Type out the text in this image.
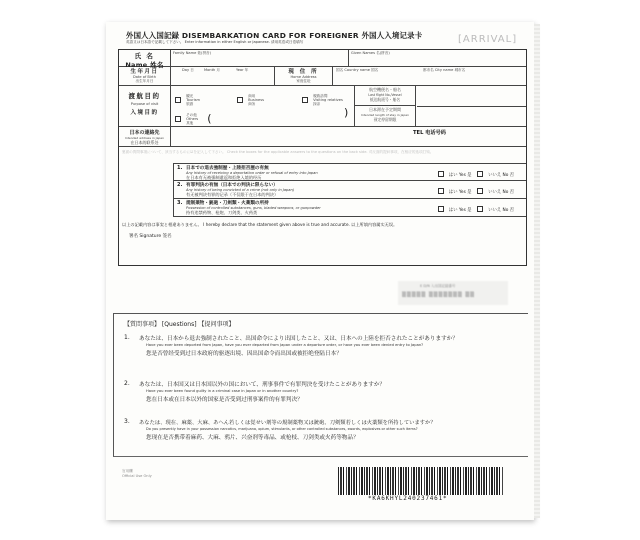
外国人入国記録 DISEMBARKATION CARD FOR FOREIGNER 外国人入境记录卡
英語又は日本語で記載して下さい。 Enter information in either English or Japanese. 请用英语或日语填写	[ARRIVAL]
氏 名
Name 姓名
Family Name 姓(拼音)	Given Names 名(拼音)
生年月日
Date of Birth
出生年月日
Day 日	Month 月	Year 年	現 住 所
Home Address
家庭住址
国名 Country name 国名	都市名 City name 城市名
渡航目的
Purpose of visit
入境目的
観光
Tourism
旅游
商用
Business
商务
親族訪問
Visiting relatives
探亲
その他
Others
其他 (	)
航空機便名・船名
Last flight No./Vessel
抵达航班号・船名
日本滞在予定期間
Intended length of stay in Japan
预定停留期限
日本の連絡先
Intended address in Japan
在日本的联系处
TEL 电话号码
裏面の質問事項について、該当するものに☑を記入して下さい。 Check the boxes for the applicable answers to the questions on the back side. 对反面的提问事项，在相应的选项打钩。
1. 日本での退去強制歴・上陸拒否歴の有無
Any history of receiving a deportation order or refusal of entry into Japan
在日本有无被强制遣返和拒绝入境的经历	はい Yes 是	いいえ No 否
2. 有罪判決の有無（日本での判決に限らない）
Any history of being convicted of a crime (not only in Japan)
有无被判决有罪的记录（不仅限于在日本的判决）	はい Yes 是	いいえ No 否
3. 規制薬物・銃砲・刀剣類・火薬類の所持
Possession of controlled substances, guns, bladed weapons, or gunpowder
持有违禁药物、枪炮、刀剑类、火药类	はい Yes 是	いいえ No 否
以上の記載内容は事実と相違ありません。 I hereby declare that the statement given above is true and accurate. 以上所填内容属实无误。
署名 Signature 签名
E D/N 入出国記録番号
▒▒▒▒▒ ▒▒▒▒▒▒▒ ▒▒
【質問事項】 [Questions] 【提问事项】
1. あなたは、日本から退去強制されたこと、出国命令により出国したこと、又は、日本への上陸を拒否されたことがありますか？
Have you ever been deported from Japan, have you ever departed from Japan under a departure order, or have you ever been denied entry to Japan?
您是否曾经受到过日本政府的驱逐出境、因出国命令而出国或被拒绝登陆日本？
2. あなたは、日本国又は日本国以外の国において、刑事事件で有罪判決を受けたことがありますか？
Have you ever been found guilty in a criminal case in Japan or in another country?
您在日本或在日本以外的国家是否受到过刑事案件的有罪判决？
3. あなたは、現在、麻薬、大麻、あへん若しくは覚せい剤等の規制薬物又は銃砲、刀剣類若しくは火薬類を所持していますか？
Do you presently have in your possession narcotics, marijuana, opium, stimulants, or other controlled substances, swords, explosives or other such items?
您现在是否携带着麻药、大麻、鸦片、兴奋剂等毒品、或枪枝、刀剑类或火药等物品？
官用欄
Official Use Only
*KA6KHYL240237461*
